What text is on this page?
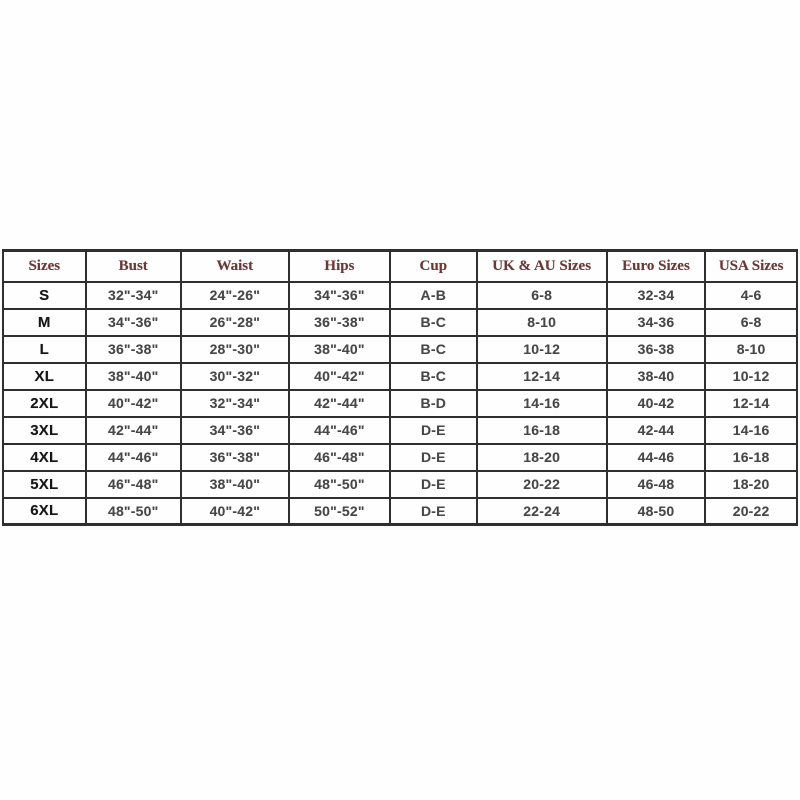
Sizes	Bust	Waist	Hips	Cup	UK & AU Sizes	Euro Sizes	USA Sizes
S	32"-34"	24"-26"	34"-36"	A-B	6-8	32-34	4-6
M	34"-36"	26"-28"	36"-38"	B-C	8-10	34-36	6-8
L	36"-38"	28"-30"	38"-40"	B-C	10-12	36-38	8-10
XL	38"-40"	30"-32"	40"-42"	B-C	12-14	38-40	10-12
2XL	40"-42"	32"-34"	42"-44"	B-D	14-16	40-42	12-14
3XL	42"-44"	34"-36"	44"-46"	D-E	16-18	42-44	14-16
4XL	44"-46"	36"-38"	46"-48"	D-E	18-20	44-46	16-18
5XL	46"-48"	38"-40"	48"-50"	D-E	20-22	46-48	18-20
6XL	48"-50"	40"-42"	50"-52"	D-E	22-24	48-50	20-22
